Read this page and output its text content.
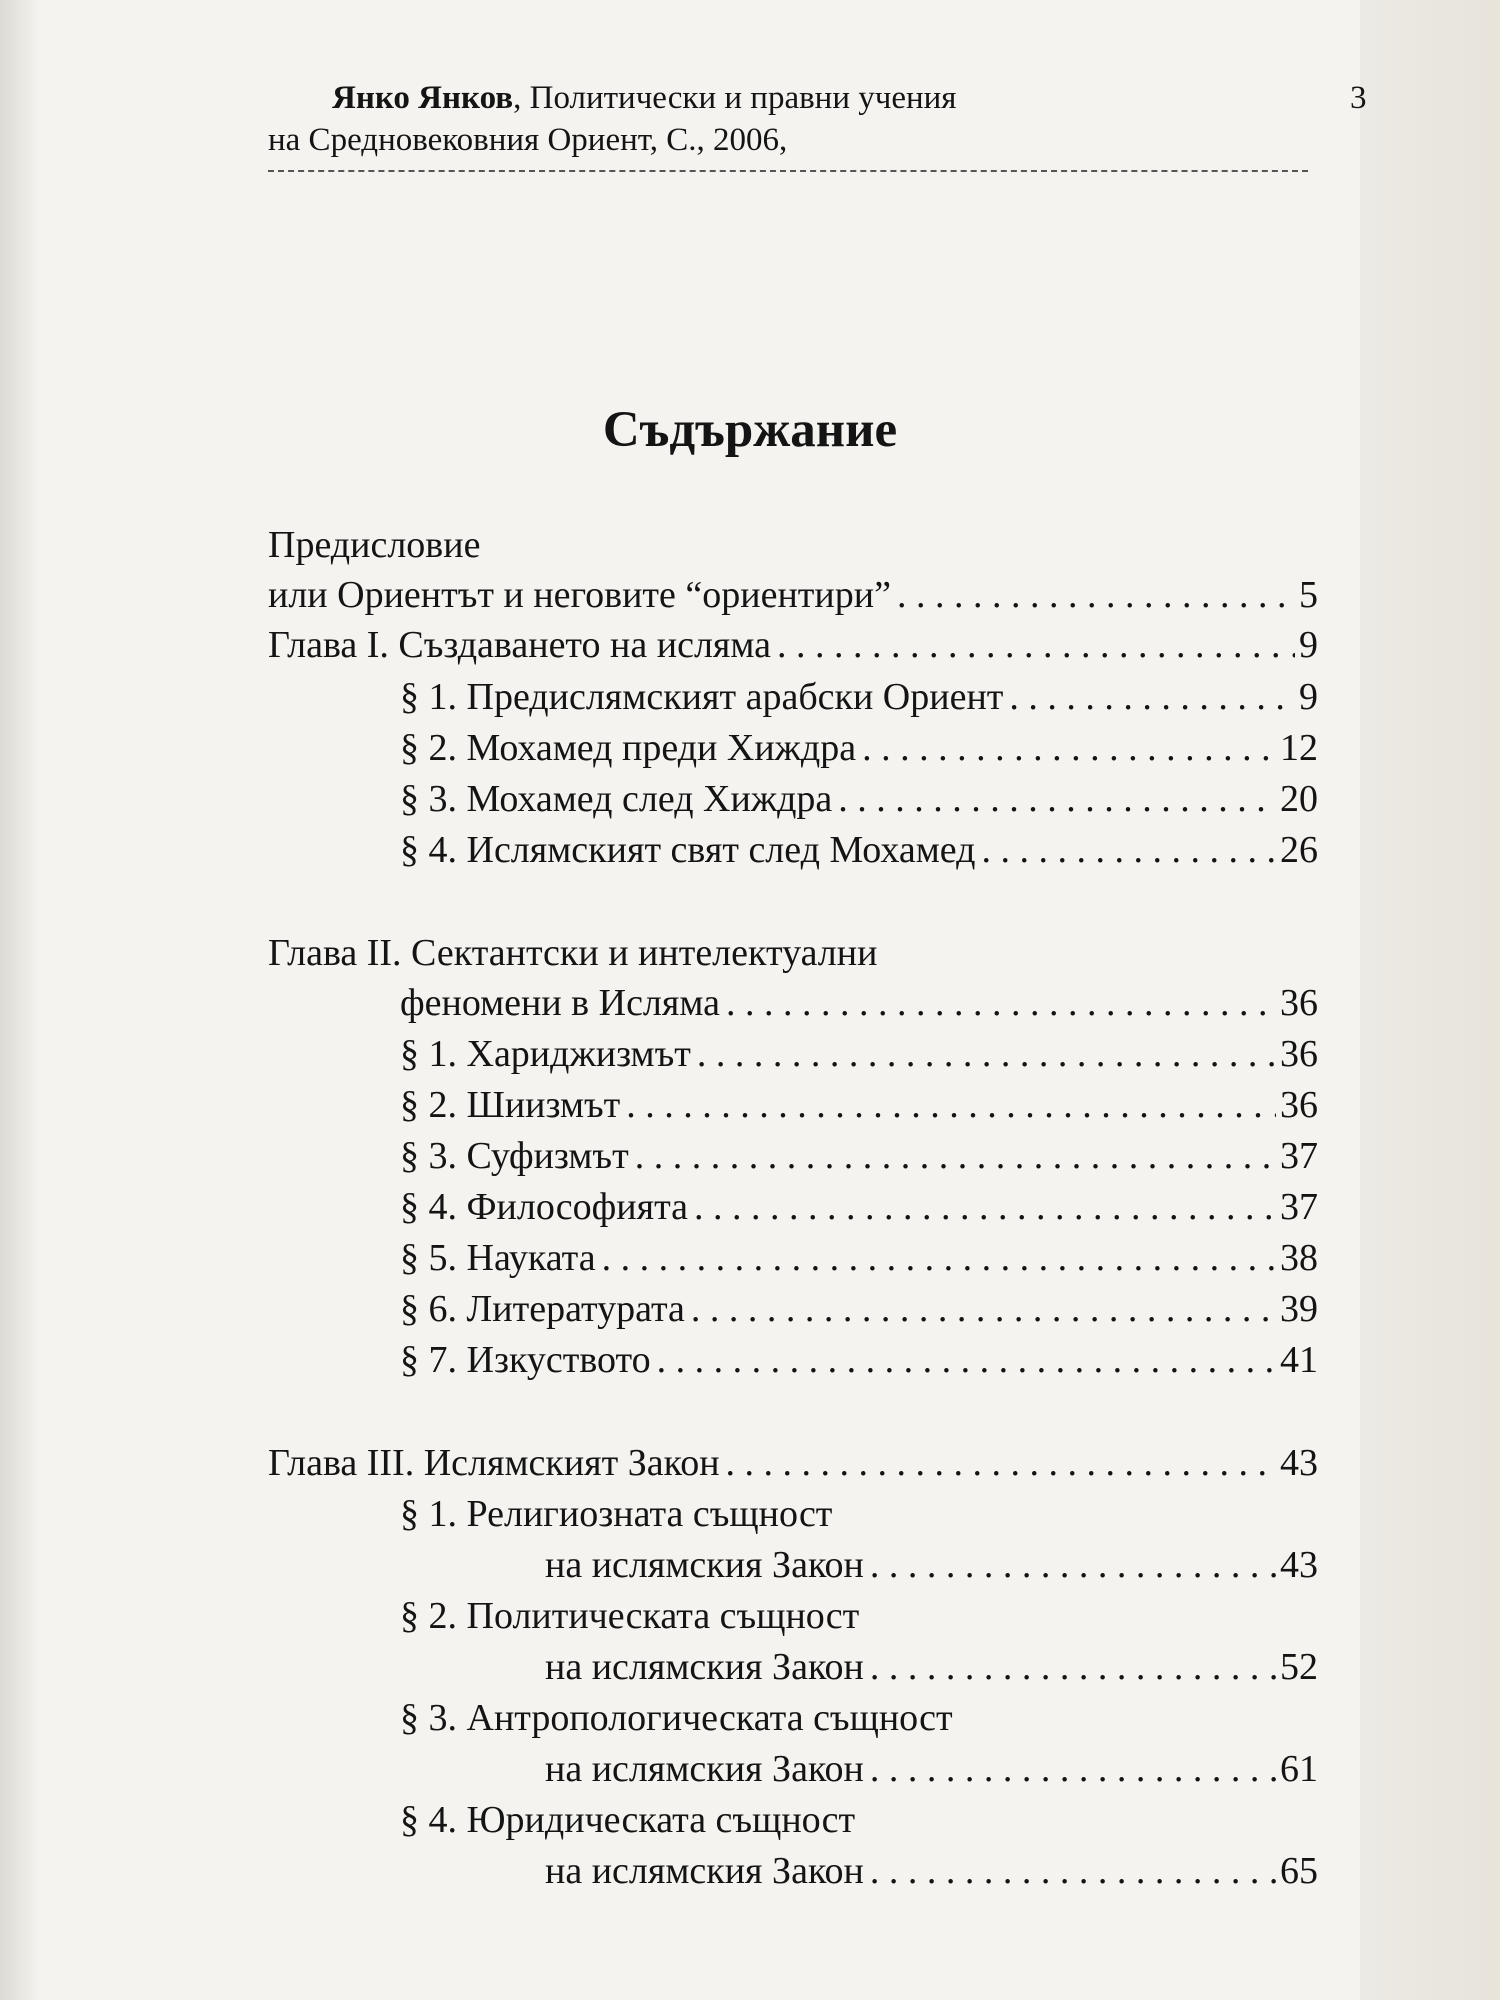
Янко Янков, Политически и правни учения
на Средновековния Ориент, С., 2006,
3
Съдържание
Предисловие
или Ориентът и неговите “ориентири” . . .	5
Глава I. Създаването на исляма . . .	9
§ 1. Предислямският арабски Ориент . . .	9
§ 2. Мохамед преди Хиждра . . .	12
§ 3. Мохамед след Хиждра . . .	20
§ 4. Ислямският свят след Мохамед . . .	26
Глава II. Сектантски и интелектуални
феномени в Исляма . . .	36
§ 1. Хариджизмът . . .	36
§ 2. Шиизмът . . .	36
§ 3. Суфизмът . . .	37
§ 4. Философията . . .	37
§ 5. Науката . . .	38
§ 6. Литературата . . .	39
§ 7. Изкуството . . .	41
Глава III. Ислямският Закон . . .	43
§ 1. Религиозната същност
на ислямския Закон . . .	43
§ 2. Политическата същност
на ислямския Закон . . .	52
§ 3. Антропологическата същност
на ислямския Закон . . .	61
§ 4. Юридическата същност
на ислямския Закон . . .	65
